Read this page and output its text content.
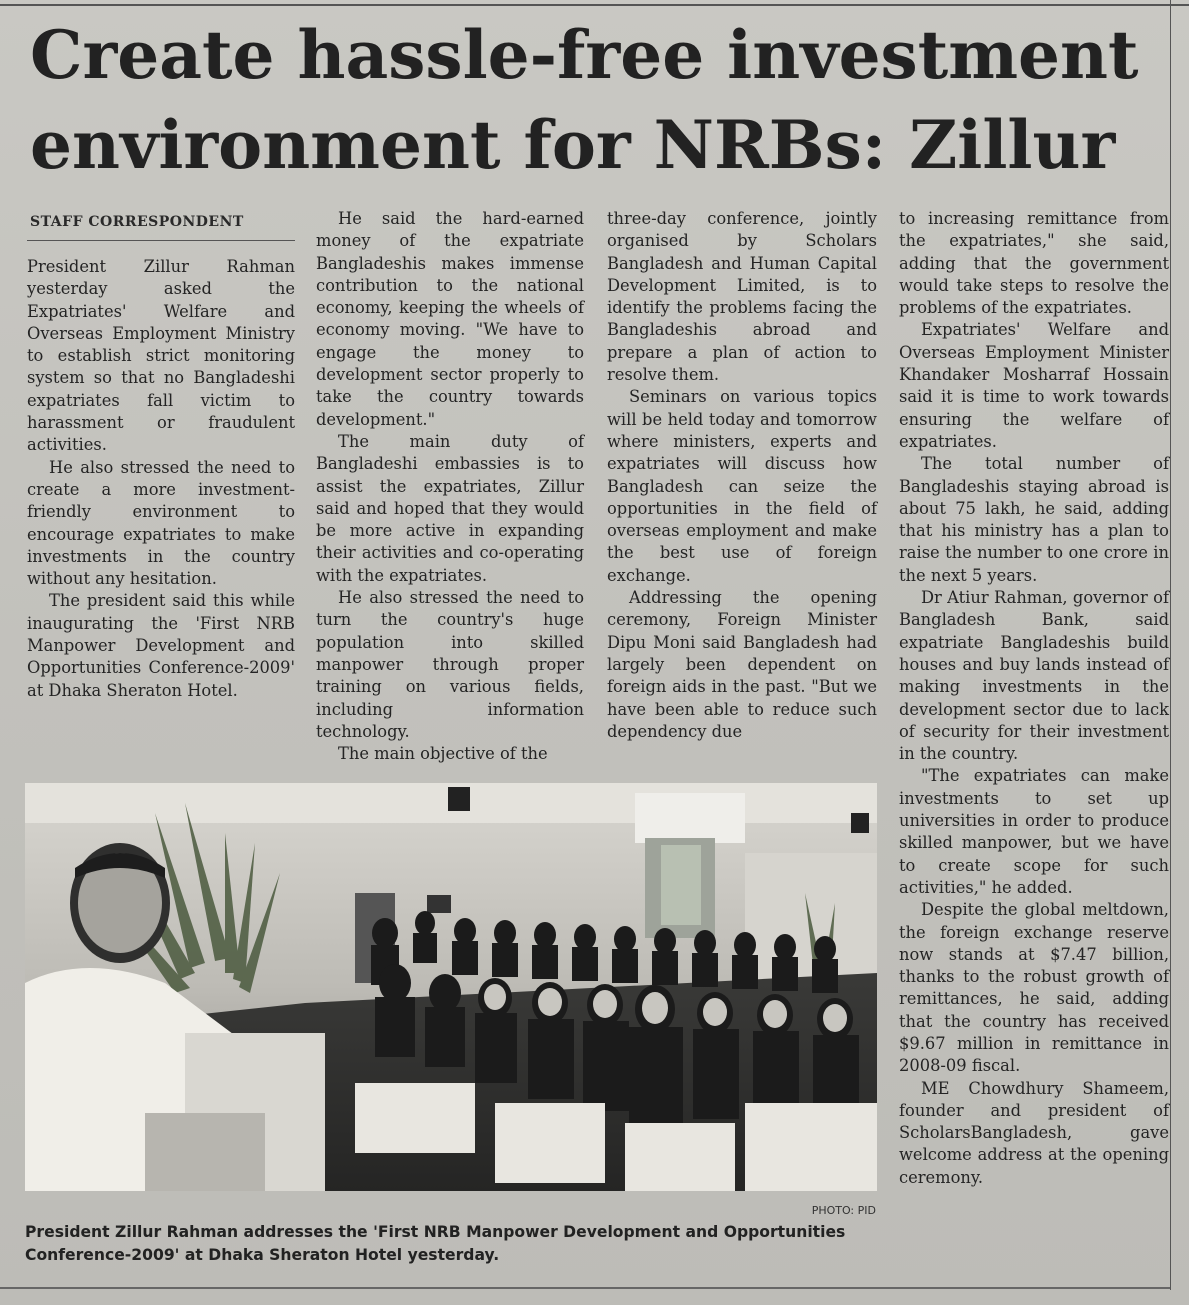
Create hassle-free investment
environment for NRBs: Zillur
STAFF CORRESPONDENT

President Zillur Rahman yesterday asked the Expatriates' Welfare and Overseas Employment Ministry to establish strict monitoring system so that no Bangladeshi expatriates fall victim to harassment or fraudulent activities.

He also stressed the need to create a more investment-friendly environment to encourage expatriates to make investments in the country without any hesitation.

The president said this while inaugurating the 'First NRB Manpower Development and Opportunities Conference-2009' at Dhaka Sheraton Hotel.

He said the hard-earned money of the expatriate Bangladeshis makes immense contribution to the national economy, keeping the wheels of economy moving. "We have to engage the money to development sector properly to take the country towards development."

The main duty of Bangladeshi embassies is to assist the expatriates, Zillur said and hoped that they would be more active in expanding their activities and co-operating with the expatriates.

He also stressed the need to turn the country's huge population into skilled manpower through proper training on various fields, including information technology.

The main objective of the

three-day conference, jointly organised by Scholars Bangladesh and Human Capital Development Limited, is to identify the problems facing the Bangladeshis abroad and prepare a plan of action to resolve them.

Seminars on various topics will be held today and tomorrow where ministers, experts and expatriates will discuss how Bangladesh can seize the opportunities in the field of overseas employment and make the best use of foreign exchange.

Addressing the opening ceremony, Foreign Minister Dipu Moni said Bangladesh had largely been dependent on foreign aids in the past. "But we have been able to reduce such dependency due

to increasing remittance from the expatriates," she said, adding that the government would take steps to resolve the problems of the expatriates.

Expatriates' Welfare and Overseas Employment Minister Khandaker Mosharraf Hossain said it is time to work towards ensuring the welfare of expatriates.

The total number of Bangladeshis staying abroad is about 75 lakh, he said, adding that his ministry has a plan to raise the number to one crore in the next 5 years.

Dr Atiur Rahman, governor of Bangladesh Bank, said expatriate Bangladeshis build houses and buy lands instead of making investments in the development sector due to lack of security for their investment in the country.

"The expatriates can make investments to set up universities in order to produce skilled manpower, but we have to create scope for such activities," he added.

Despite the global meltdown, the foreign exchange reserve now stands at $7.47 billion, thanks to the robust growth of remittances, he said, adding that the country has received $9.67 million in remittance in 2008-09 fiscal.

ME Chowdhury Shameem, founder and president of ScholarsBangladesh, gave welcome address at the opening ceremony.

PHOTO: PID
President Zillur Rahman addresses the 'First NRB Manpower Development and Opportunities Conference-2009' at Dhaka Sheraton Hotel yesterday.
